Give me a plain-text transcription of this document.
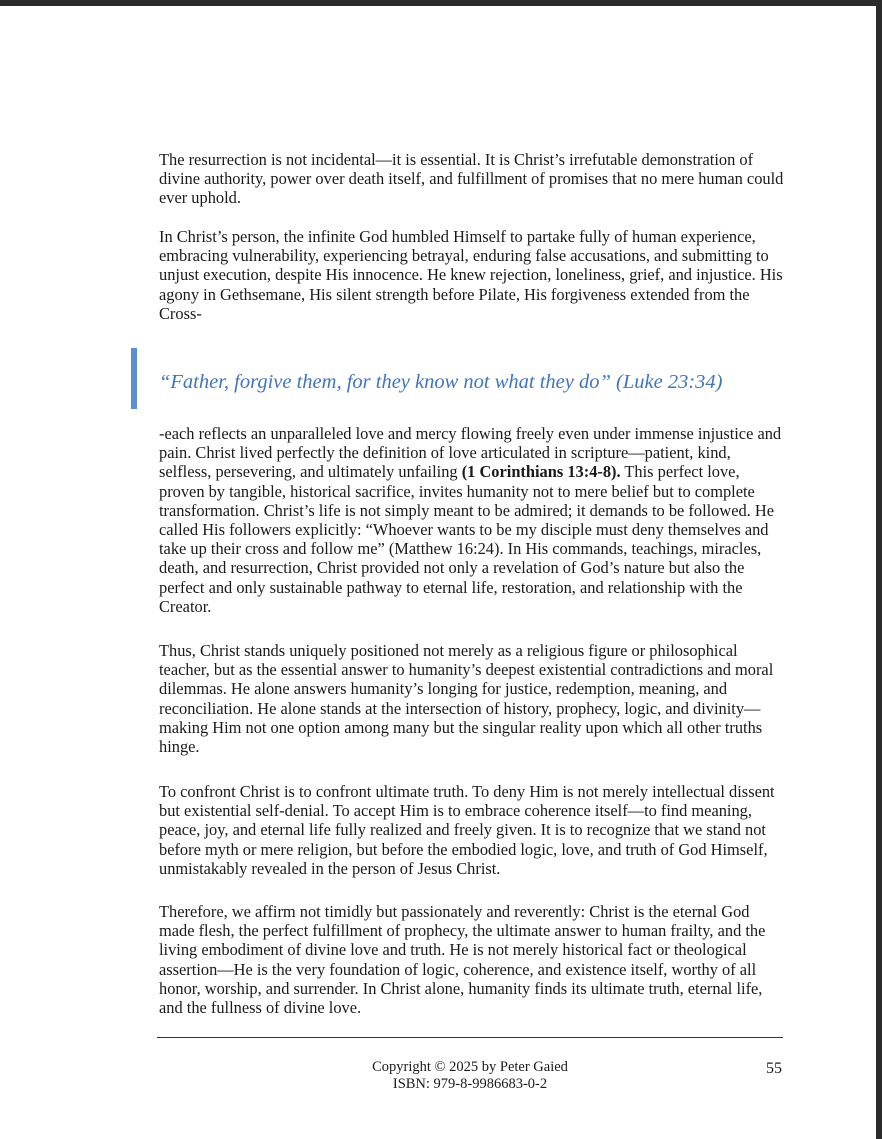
The resurrection is not incidental—it is essential. It is Christ’s irrefutable demonstration of divine authority, power over death itself, and fulfillment of promises that no mere human could ever uphold.

In Christ’s person, the infinite God humbled Himself to partake fully of human experience, embracing vulnerability, experiencing betrayal, enduring false accusations, and submitting to unjust execution, despite His innocence. He knew rejection, loneliness, grief, and injustice. His agony in Gethsemane, His silent strength before Pilate, His forgiveness extended from the Cross-

“Father, forgive them, for they know not what they do” (Luke 23:34)

-each reflects an unparalleled love and mercy flowing freely even under immense injustice and pain. Christ lived perfectly the definition of love articulated in scripture—patient, kind, selfless, persevering, and ultimately unfailing (1 Corinthians 13:4-8). This perfect love, proven by tangible, historical sacrifice, invites humanity not to mere belief but to complete transformation. Christ’s life is not simply meant to be admired; it demands to be followed. He called His followers explicitly: “Whoever wants to be my disciple must deny themselves and take up their cross and follow me” (Matthew 16:24). In His commands, teachings, miracles, death, and resurrection, Christ provided not only a revelation of God’s nature but also the perfect and only sustainable pathway to eternal life, restoration, and relationship with the Creator.

Thus, Christ stands uniquely positioned not merely as a religious figure or philosophical teacher, but as the essential answer to humanity’s deepest existential contradictions and moral dilemmas. He alone answers humanity’s longing for justice, redemption, meaning, and reconciliation. He alone stands at the intersection of history, prophecy, logic, and divinity—making Him not one option among many but the singular reality upon which all other truths hinge.

To confront Christ is to confront ultimate truth. To deny Him is not merely intellectual dissent but existential self-denial. To accept Him is to embrace coherence itself—to find meaning, peace, joy, and eternal life fully realized and freely given. It is to recognize that we stand not before myth or mere religion, but before the embodied logic, love, and truth of God Himself, unmistakably revealed in the person of Jesus Christ.

Therefore, we affirm not timidly but passionately and reverently: Christ is the eternal God made flesh, the perfect fulfillment of prophecy, the ultimate answer to human frailty, and the living embodiment of divine love and truth. He is not merely historical fact or theological assertion—He is the very foundation of logic, coherence, and existence itself, worthy of all honor, worship, and surrender. In Christ alone, humanity finds its ultimate truth, eternal life, and the fullness of divine love.

Copyright © 2025 by Peter Gaied
ISBN: 979-8-9986683-0-2
55
